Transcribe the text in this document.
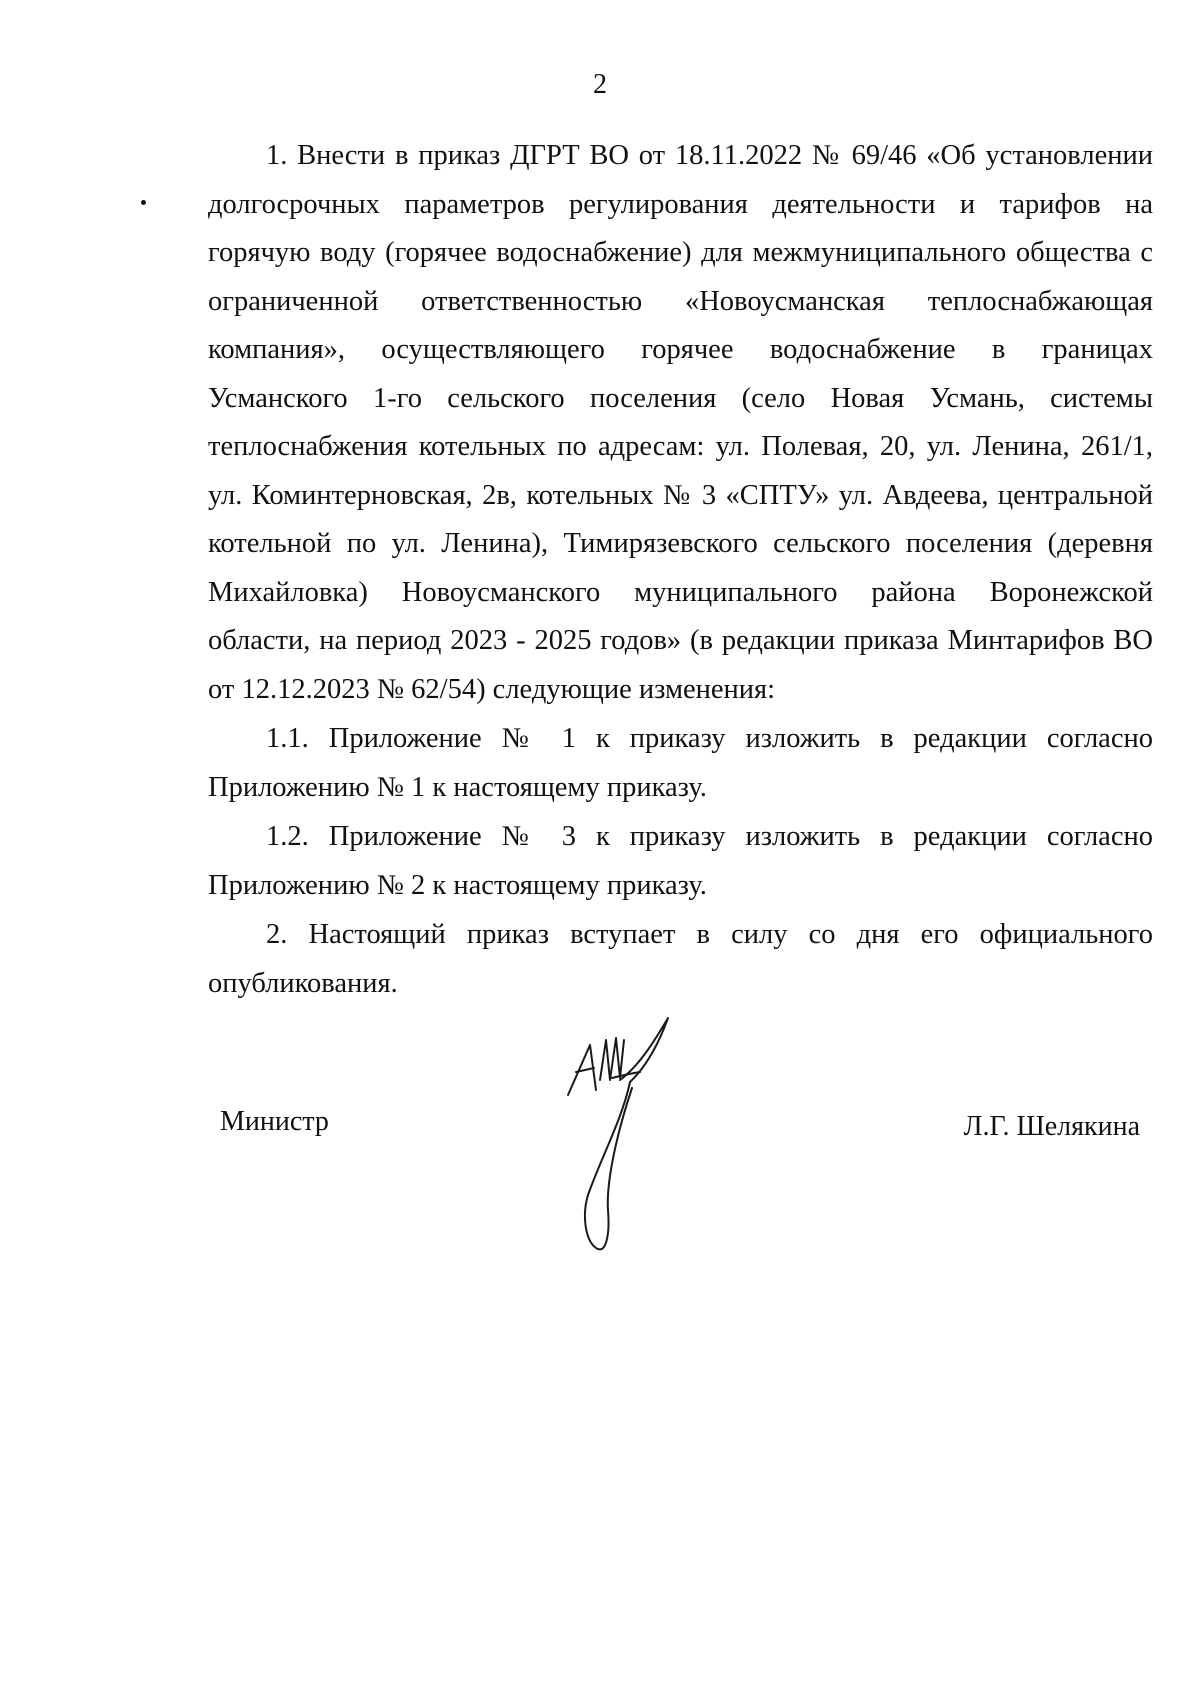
2

1. Внести в приказ ДГРТ ВО от 18.11.2022 № 69/46 «Об установлении долгосрочных параметров регулирования деятельности и тарифов на горячую воду (горячее водоснабжение) для межмуниципального общества с ограниченной ответственностью «Новоусманская теплоснабжающая компания», осуществляющего горячее водоснабжение в границах Усманского 1-го сельского поселения (село Новая Усмань, системы теплоснабжения котельных по адресам: ул. Полевая, 20, ул. Ленина, 261/1, ул. Коминтерновская, 2в, котельных № 3 «СПТУ» ул. Авдеева, центральной котельной по ул. Ленина), Тимирязевского сельского поселения (деревня Михайловка) Новоусманского муниципального района Воронежской области, на период 2023 - 2025 годов» (в редакции приказа Минтарифов ВО от 12.12.2023 № 62/54) следующие изменения:

1.1. Приложение № 1 к приказу изложить в редакции согласно Приложению № 1 к настоящему приказу.

1.2. Приложение № 3 к приказу изложить в редакции согласно Приложению № 2 к настоящему приказу.

2. Настоящий приказ вступает в силу со дня его официального опубликования.

Министр	Л.Г. Шелякина
